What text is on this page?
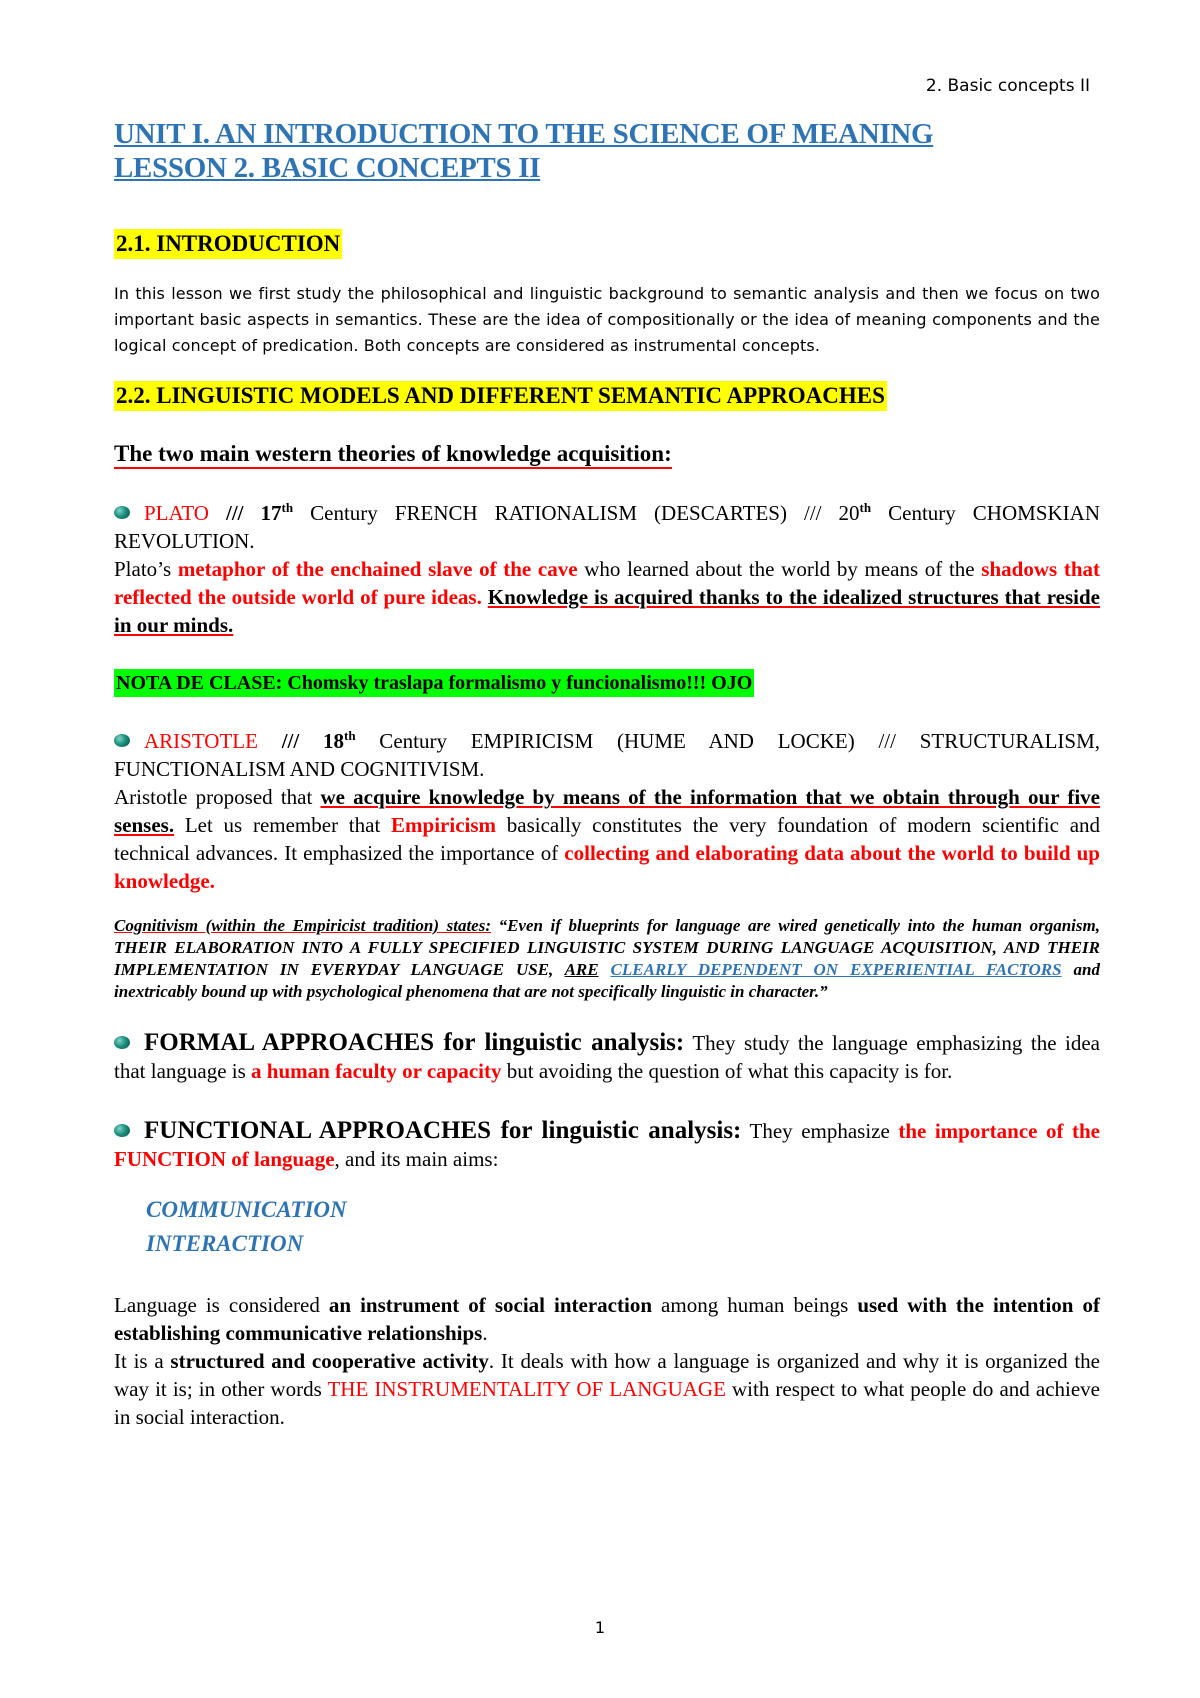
2. Basic concepts II
UNIT I. AN INTRODUCTION TO THE SCIENCE OF MEANING
LESSON 2. BASIC CONCEPTS II
2.1. INTRODUCTION

In this lesson we first study the philosophical and linguistic background to semantic analysis and then we focus on two important basic aspects in semantics. These are the idea of compositionally or the idea of meaning components and the logical concept of predication. Both concepts are considered as instrumental concepts.

2.2. LINGUISTIC MODELS AND DIFFERENT SEMANTIC APPROACHES
The two main western theories of knowledge acquisition:
PLATO /// 17th Century FRENCH RATIONALISM (DESCARTES) /// 20th Century CHOMSKIAN REVOLUTION.
Plato’s metaphor of the enchained slave of the cave who learned about the world by means of the shadows that reflected the outside world of pure ideas. Knowledge is acquired thanks to the idealized structures that reside in our minds.
NOTA DE CLASE: Chomsky traslapa formalismo y funcionalismo!!! OJO
ARISTOTLE /// 18th Century EMPIRICISM (HUME AND LOCKE) /// STRUCTURALISM, FUNCTIONALISM AND COGNITIVISM.
Aristotle proposed that we acquire knowledge by means of the information that we obtain through our five senses. Let us remember that Empiricism basically constitutes the very foundation of modern scientific and technical advances. It emphasized the importance of collecting and elaborating data about the world to build up knowledge.
Cognitivism (within the Empiricist tradition) states: “Even if blueprints for language are wired genetically into the human organism, THEIR ELABORATION INTO A FULLY SPECIFIED LINGUISTIC SYSTEM DURING LANGUAGE ACQUISITION, AND THEIR IMPLEMENTATION IN EVERYDAY LANGUAGE USE, ARE CLEARLY DEPENDENT ON EXPERIENTIAL FACTORS and inextricably bound up with psychological phenomena that are not specifically linguistic in character.”
FORMAL APPROACHES for linguistic analysis: They study the language emphasizing the idea that language is a human faculty or capacity but avoiding the question of what this capacity is for.
FUNCTIONAL APPROACHES for linguistic analysis: They emphasize the importance of the FUNCTION of language, and its main aims:
COMMUNICATION
INTERACTION
Language is considered an instrument of social interaction among human beings used with the intention of establishing communicative relationships.
It is a structured and cooperative activity. It deals with how a language is organized and why it is organized the way it is; in other words THE INSTRUMENTALITY OF LANGUAGE with respect to what people do and achieve in social interaction.
1
